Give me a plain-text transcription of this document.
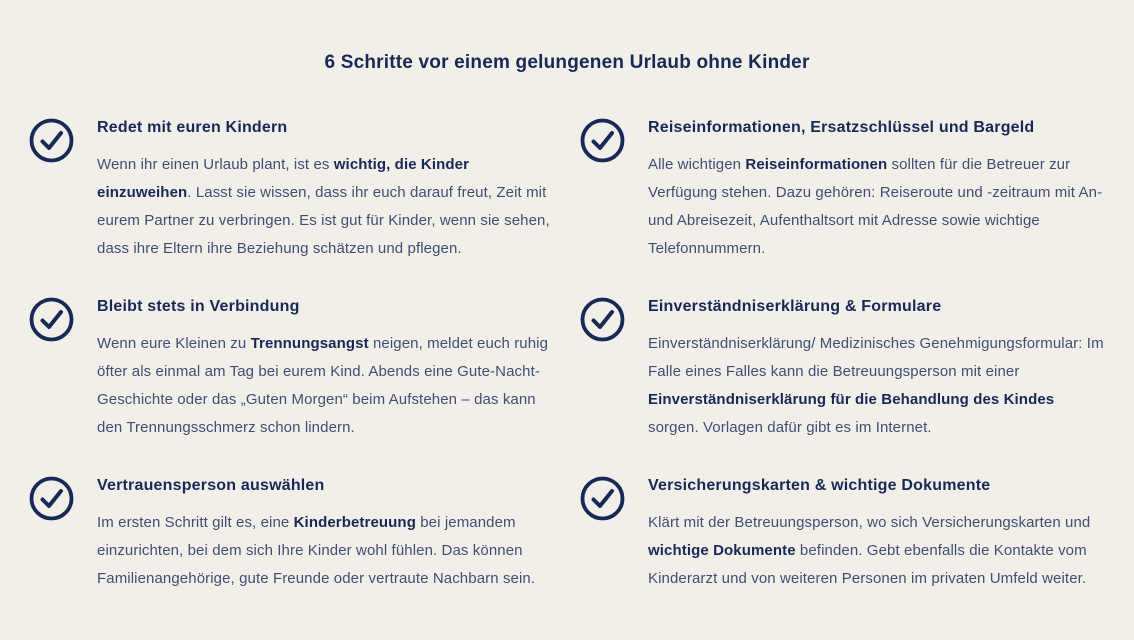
6 Schritte vor einem gelungenen Urlaub ohne Kinder
Redet mit euren Kindern
Wenn ihr einen Urlaub plant, ist es wichtig, die Kinder einzuweihen. Lasst sie wissen, dass ihr euch darauf freut, Zeit mit eurem Partner zu verbringen. Es ist gut für Kinder, wenn sie sehen, dass ihre Eltern ihre Beziehung schätzen und pflegen.
Reiseinformationen, Ersatzschlüssel und Bargeld
Alle wichtigen Reiseinformationen sollten für die Betreuer zur Verfügung stehen. Dazu gehören: Reiseroute und -zeitraum mit An- und Abreisezeit, Aufenthaltsort mit Adresse sowie wichtige Telefonnummern.
Bleibt stets in Verbindung
Wenn eure Kleinen zu Trennungsangst neigen, meldet euch ruhig öfter als einmal am Tag bei eurem Kind. Abends eine Gute-Nacht-Geschichte oder das „Guten Morgen“ beim Aufstehen – das kann den Trennungsschmerz schon lindern.
Einverständniserklärung & Formulare
Einverständniserklärung/ Medizinisches Genehmigungsformular: Im Falle eines Falles kann die Betreuungsperson mit einer Einverständniserklärung für die Behandlung des Kindes sorgen. Vorlagen dafür gibt es im Internet.
Vertrauensperson auswählen
Im ersten Schritt gilt es, eine Kinderbetreuung bei jemandem einzurichten, bei dem sich Ihre Kinder wohl fühlen. Das können Familienangehörige, gute Freunde oder vertraute Nachbarn sein.
Versicherungskarten & wichtige Dokumente
Klärt mit der Betreuungsperson, wo sich Versicherungskarten und wichtige Dokumente befinden. Gebt ebenfalls die Kontakte vom Kinderarzt und von weiteren Personen im privaten Umfeld weiter.
